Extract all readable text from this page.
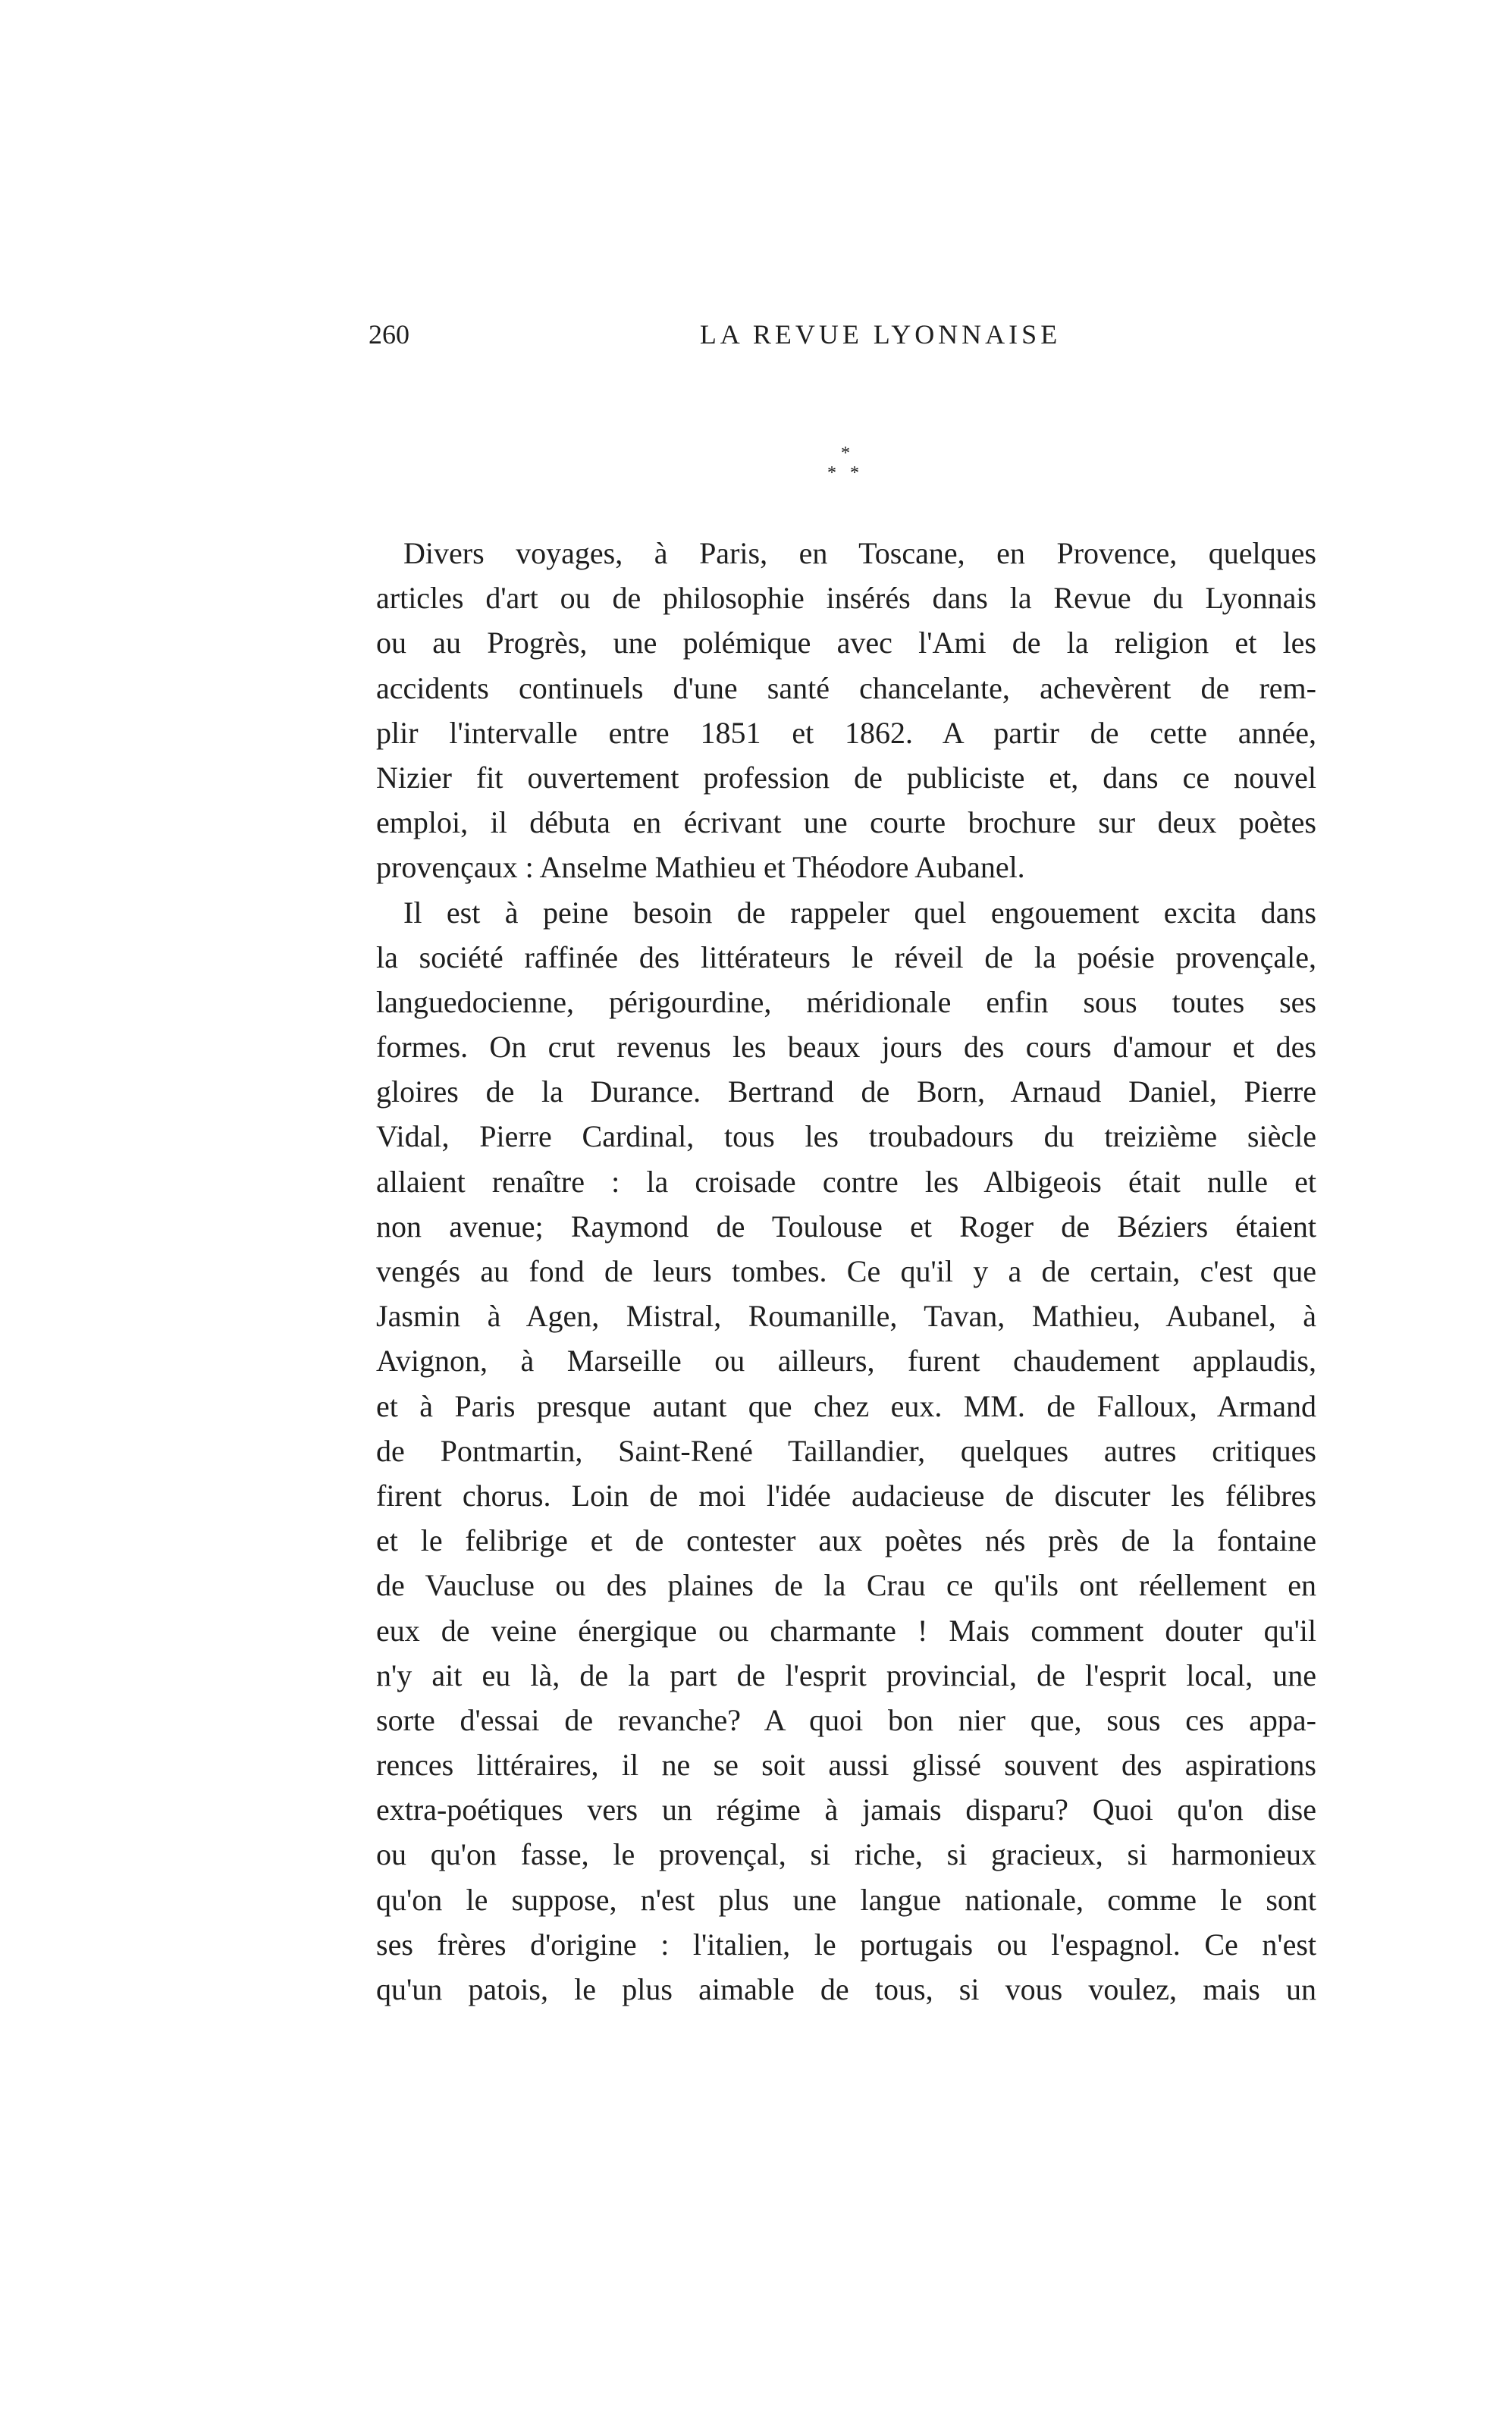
260	LA REVUE LYONNAISE
*
* *
Divers voyages, à Paris, en Toscane, en Provence, quelques
articles d'art ou de philosophie insérés dans la Revue du Lyonnais
ou au Progrès, une polémique avec l'Ami de la religion et les
accidents continuels d'une santé chancelante, achevèrent de rem-
plir l'intervalle entre 1851 et 1862. A partir de cette année,
Nizier fit ouvertement profession de publiciste et, dans ce nouvel
emploi, il débuta en écrivant une courte brochure sur deux poètes
provençaux : Anselme Mathieu et Théodore Aubanel.
Il est à peine besoin de rappeler quel engouement excita dans
la société raffinée des littérateurs le réveil de la poésie provençale,
languedocienne, périgourdine, méridionale enfin sous toutes ses
formes. On crut revenus les beaux jours des cours d'amour et des
gloires de la Durance. Bertrand de Born, Arnaud Daniel, Pierre
Vidal, Pierre Cardinal, tous les troubadours du treizième siècle
allaient renaître : la croisade contre les Albigeois était nulle et
non avenue; Raymond de Toulouse et Roger de Béziers étaient
vengés au fond de leurs tombes. Ce qu'il y a de certain, c'est que
Jasmin à Agen, Mistral, Roumanille, Tavan, Mathieu, Aubanel, à
Avignon, à Marseille ou ailleurs, furent chaudement applaudis,
et à Paris presque autant que chez eux. MM. de Falloux, Armand
de Pontmartin, Saint-René Taillandier, quelques autres critiques
firent chorus. Loin de moi l'idée audacieuse de discuter les félibres
et le felibrige et de contester aux poètes nés près de la fontaine
de Vaucluse ou des plaines de la Crau ce qu'ils ont réellement en
eux de veine énergique ou charmante ! Mais comment douter qu'il
n'y ait eu là, de la part de l'esprit provincial, de l'esprit local, une
sorte d'essai de revanche? A quoi bon nier que, sous ces appa-
rences littéraires, il ne se soit aussi glissé souvent des aspirations
extra-poétiques vers un régime à jamais disparu? Quoi qu'on dise
ou qu'on fasse, le provençal, si riche, si gracieux, si harmonieux
qu'on le suppose, n'est plus une langue nationale, comme le sont
ses frères d'origine : l'italien, le portugais ou l'espagnol. Ce n'est
qu'un patois, le plus aimable de tous, si vous voulez, mais un
